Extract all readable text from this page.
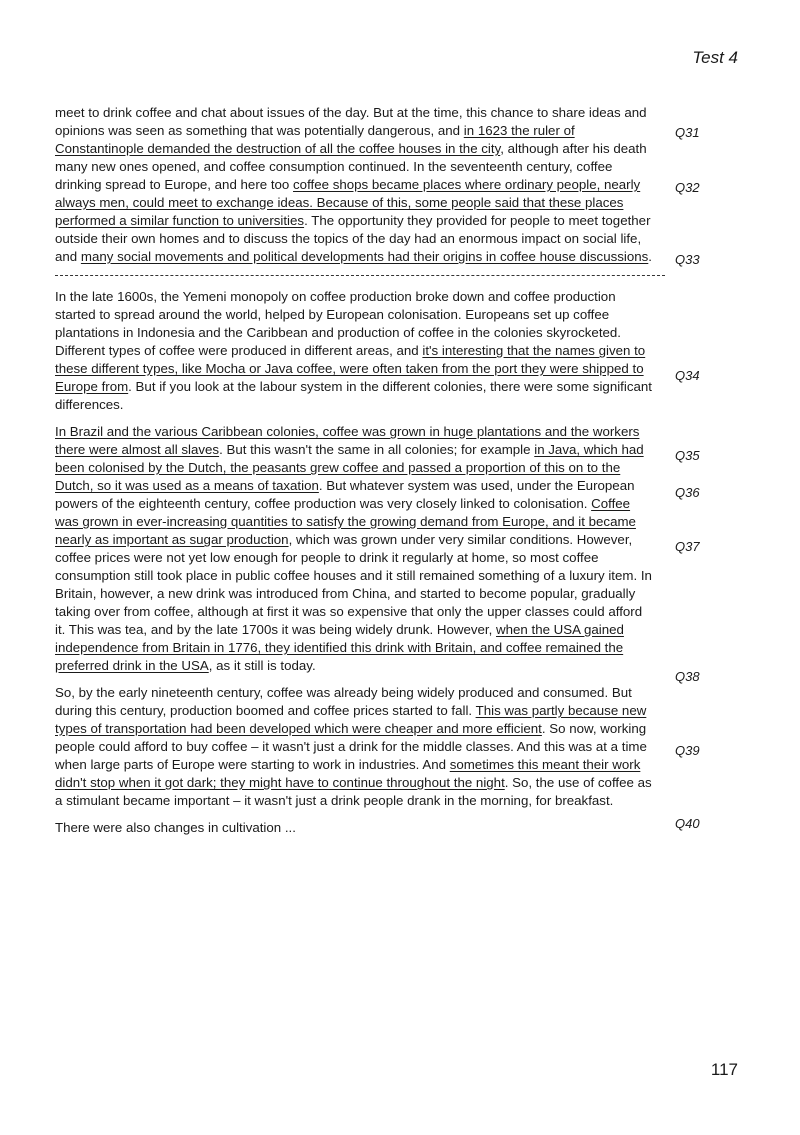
Test 4

meet to drink coffee and chat about issues of the day. But at the time, this chance to share ideas and opinions was seen as something that was potentially dangerous, and in 1623 the ruler of Constantinople demanded the destruction of all the coffee houses in the city, although after his death many new ones opened, and coffee consumption continued. In the seventeenth century, coffee drinking spread to Europe, and here too coffee shops became places where ordinary people, nearly always men, could meet to exchange ideas. Because of this, some people said that these places performed a similar function to universities. The opportunity they provided for people to meet together outside their own homes and to discuss the topics of the day had an enormous impact on social life, and many social movements and political developments had their origins in coffee house discussions.

In the late 1600s, the Yemeni monopoly on coffee production broke down and coffee production started to spread around the world, helped by European colonisation. Europeans set up coffee plantations in Indonesia and the Caribbean and production of coffee in the colonies skyrocketed. Different types of coffee were produced in different areas, and it's interesting that the names given to these different types, like Mocha or Java coffee, were often taken from the port they were shipped to Europe from. But if you look at the labour system in the different colonies, there were some significant differences.

In Brazil and the various Caribbean colonies, coffee was grown in huge plantations and the workers there were almost all slaves. But this wasn't the same in all colonies; for example in Java, which had been colonised by the Dutch, the peasants grew coffee and passed a proportion of this on to the Dutch, so it was used as a means of taxation. But whatever system was used, under the European powers of the eighteenth century, coffee production was very closely linked to colonisation. Coffee was grown in ever-increasing quantities to satisfy the growing demand from Europe, and it became nearly as important as sugar production, which was grown under very similar conditions. However, coffee prices were not yet low enough for people to drink it regularly at home, so most coffee consumption still took place in public coffee houses and it still remained something of a luxury item. In Britain, however, a new drink was introduced from China, and started to become popular, gradually taking over from coffee, although at first it was so expensive that only the upper classes could afford it. This was tea, and by the late 1700s it was being widely drunk. However, when the USA gained independence from Britain in 1776, they identified this drink with Britain, and coffee remained the preferred drink in the USA, as it still is today.

So, by the early nineteenth century, coffee was already being widely produced and consumed. But during this century, production boomed and coffee prices started to fall. This was partly because new types of transportation had been developed which were cheaper and more efficient. So now, working people could afford to buy coffee – it wasn't just a drink for the middle classes. And this was at a time when large parts of Europe were starting to work in industries. And sometimes this meant their work didn't stop when it got dark; they might have to continue throughout the night. So, the use of coffee as a stimulant became important – it wasn't just a drink people drank in the morning, for breakfast.

There were also changes in cultivation ...

Q31
Q32
Q33
Q34
Q35
Q36
Q37
Q38
Q39
Q40
117
